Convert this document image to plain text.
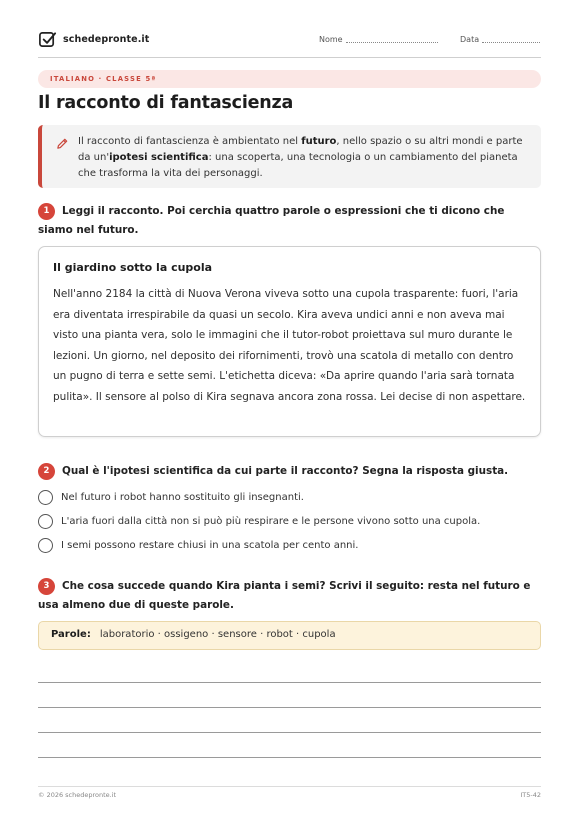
schedepronte.it	Nome	Data
ITALIANO · CLASSE 5ª
Il racconto di fantascienza

Il racconto di fantascienza è ambientato nel futuro, nello spazio o su altri mondi e parte da un'ipotesi scientifica: una scoperta, una tecnologia o un cambiamento del pianeta che trasforma la vita dei personaggi.

1 Leggi il racconto. Poi cerchia quattro parole o espressioni che ti dicono che siamo nel futuro.
Il giardino sotto la cupola

Nell'anno 2184 la città di Nuova Verona viveva sotto una cupola trasparente: fuori, l'aria era diventata irrespirabile da quasi un secolo. Kira aveva undici anni e non aveva mai visto una pianta vera, solo le immagini che il tutor-robot proiettava sul muro durante le lezioni. Un giorno, nel deposito dei rifornimenti, trovò una scatola di metallo con dentro un pugno di terra e sette semi. L'etichetta diceva: «Da aprire quando l'aria sarà tornata pulita». Il sensore al polso di Kira segnava ancora zona rossa. Lei decise di non aspettare.

2 Qual è l'ipotesi scientifica da cui parte il racconto? Segna la risposta giusta.
Nel futuro i robot hanno sostituito gli insegnanti.
L'aria fuori dalla città non si può più respirare e le persone vivono sotto una cupola.
I semi possono restare chiusi in una scatola per cento anni.
3 Che cosa succede quando Kira pianta i semi? Scrivi il seguito: resta nel futuro e usa almeno due di queste parole.
Parole: laboratorio · ossigeno · sensore · robot · cupola
© 2026 schedepronte.it	IT5-42
